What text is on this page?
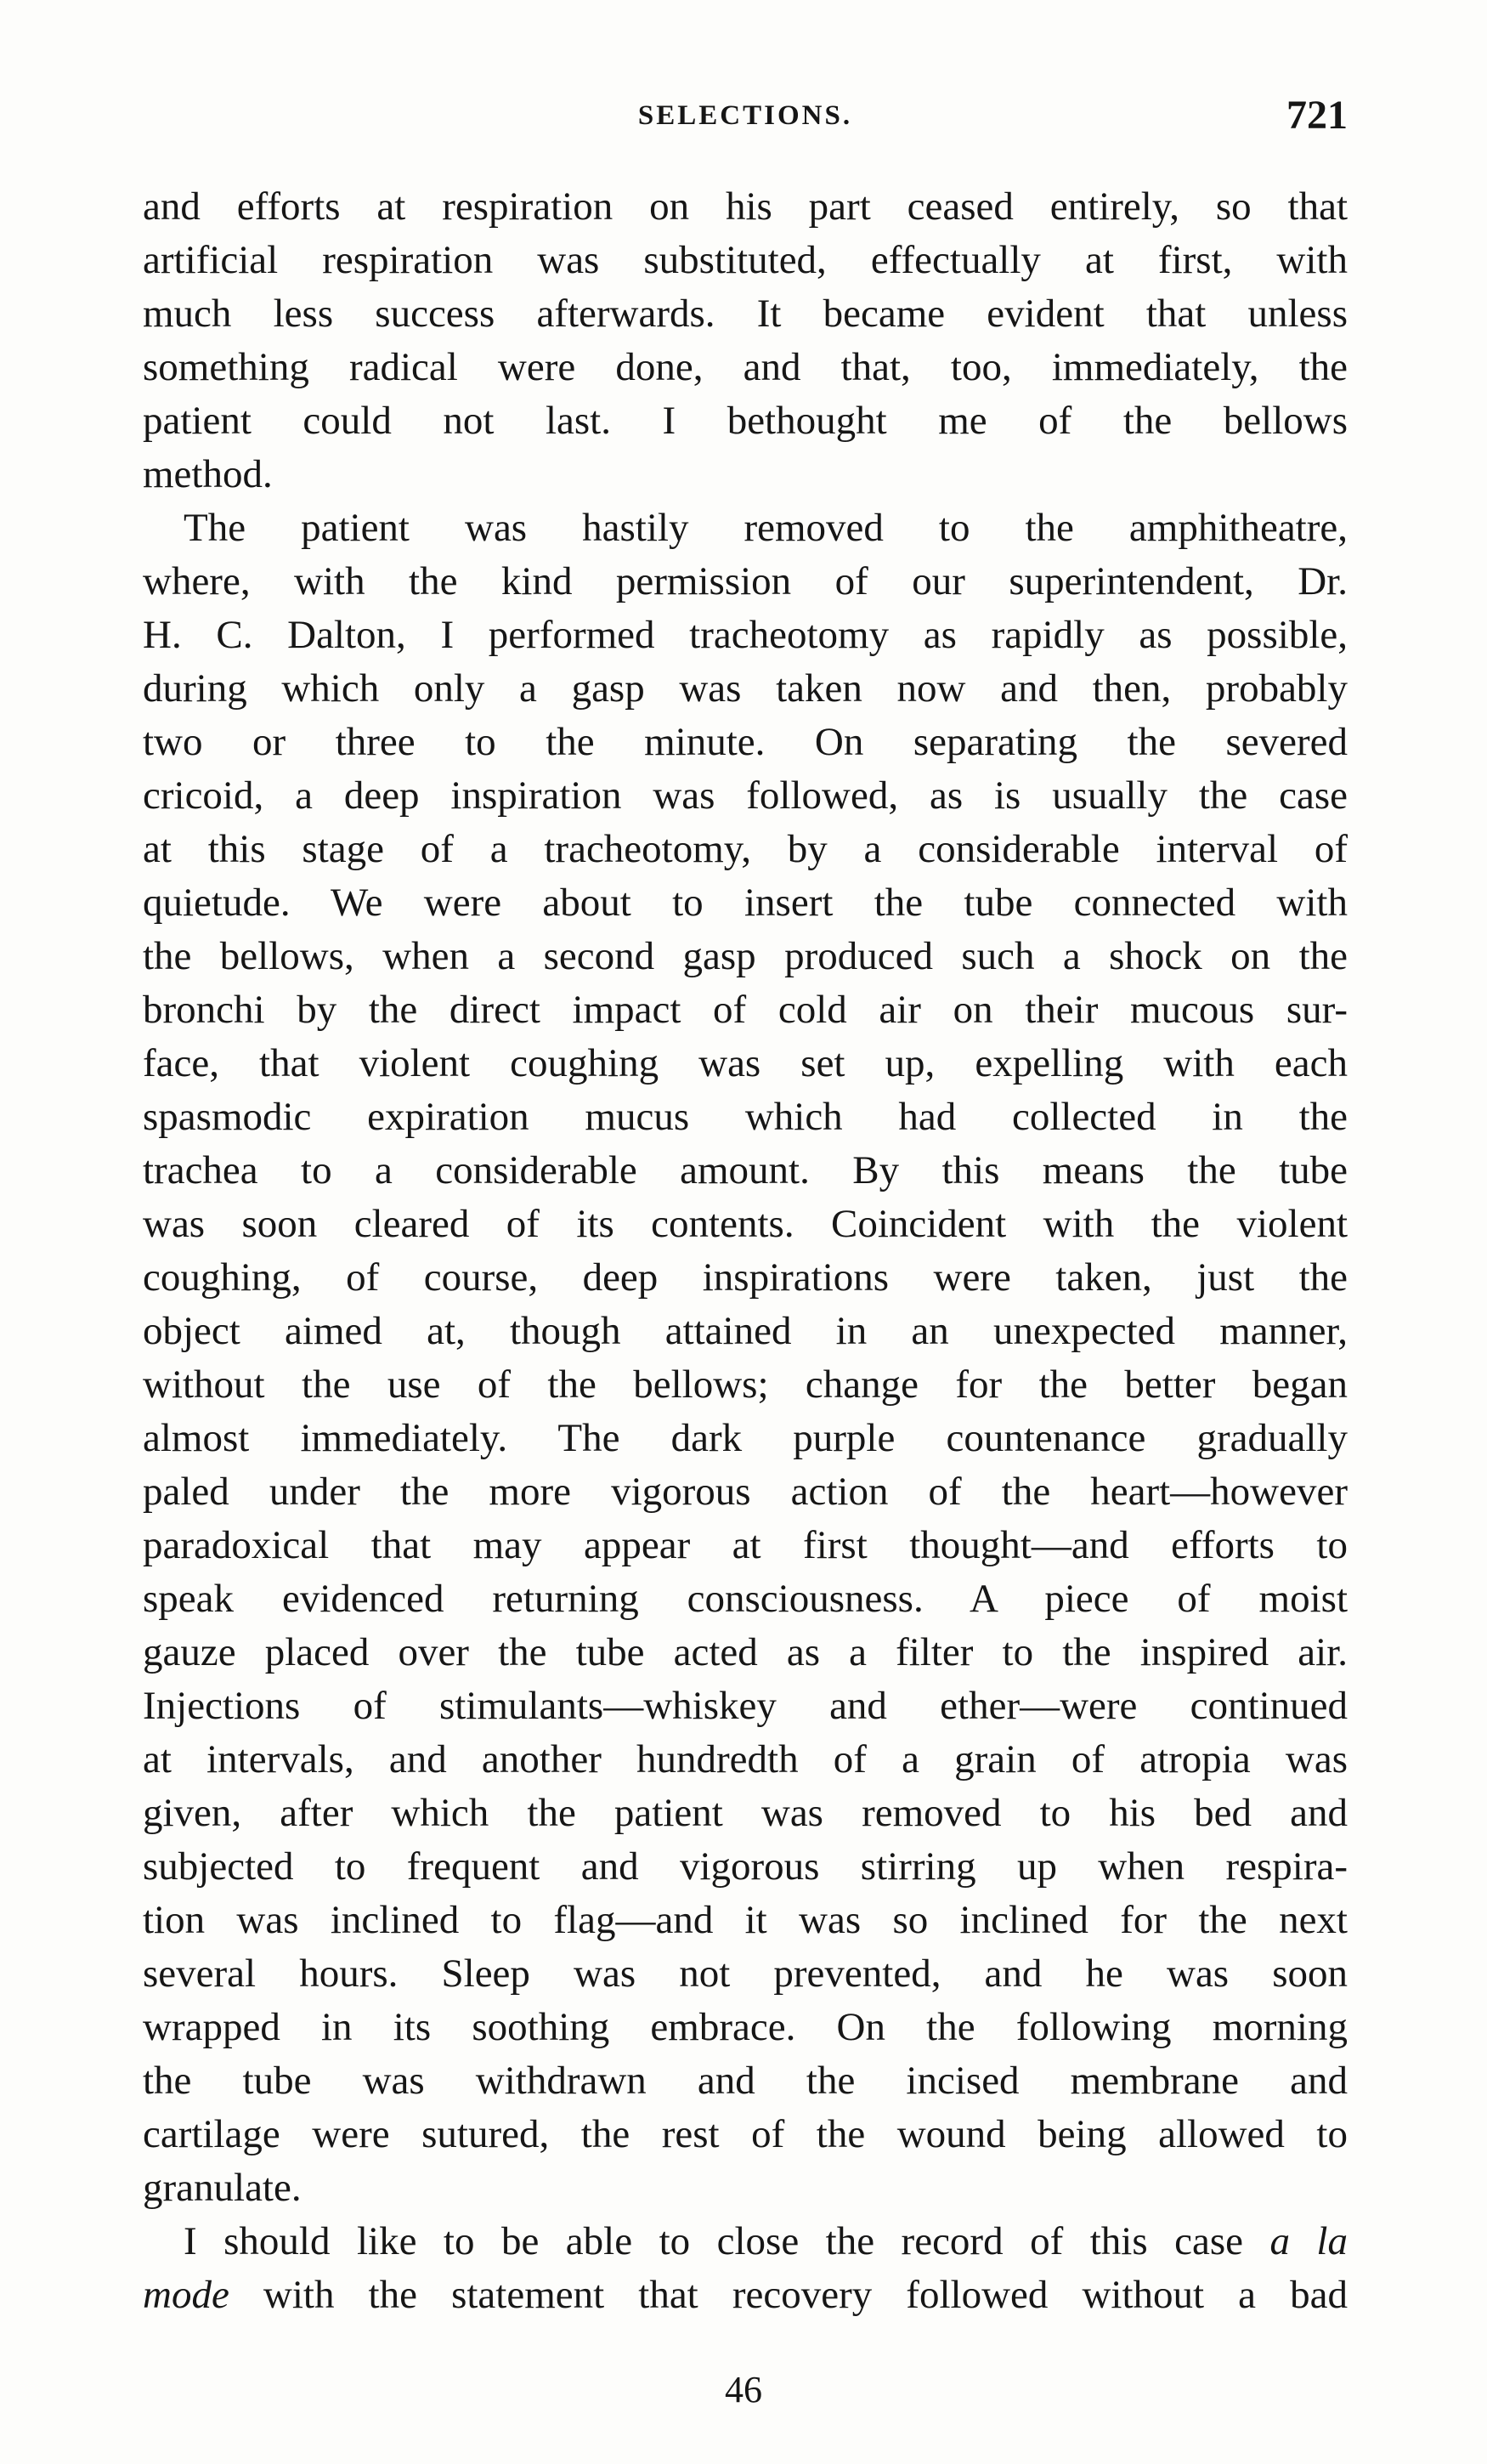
SELECTIONS.	721
and efforts at respiration on his part ceased entirely, so that
artificial respiration was substituted, effectually at first, with
much less success afterwards. It became evident that unless
something radical were done, and that, too, immediately, the
patient could not last. I bethought me of the bellows
method.
The patient was hastily removed to the amphitheatre,
where, with the kind permission of our superintendent, Dr.
H. C. Dalton, I performed tracheotomy as rapidly as possible,
during which only a gasp was taken now and then, probably
two or three to the minute. On separating the severed
cricoid, a deep inspiration was followed, as is usually the case
at this stage of a tracheotomy, by a considerable interval of
quietude. We were about to insert the tube connected with
the bellows, when a second gasp produced such a shock on the
bronchi by the direct impact of cold air on their mucous sur-
face, that violent coughing was set up, expelling with each
spasmodic expiration mucus which had collected in the
trachea to a considerable amount. By this means the tube
was soon cleared of its contents. Coincident with the violent
coughing, of course, deep inspirations were taken, just the
object aimed at, though attained in an unexpected manner,
without the use of the bellows; change for the better began
almost immediately. The dark purple countenance gradually
paled under the more vigorous action of the heart—however
paradoxical that may appear at first thought—and efforts to
speak evidenced returning consciousness. A piece of moist
gauze placed over the tube acted as a filter to the inspired air.
Injections of stimulants—whiskey and ether—were continued
at intervals, and another hundredth of a grain of atropia was
given, after which the patient was removed to his bed and
subjected to frequent and vigorous stirring up when respira-
tion was inclined to flag—and it was so inclined for the next
several hours. Sleep was not prevented, and he was soon
wrapped in its soothing embrace. On the following morning
the tube was withdrawn and the incised membrane and
cartilage were sutured, the rest of the wound being allowed to
granulate.
I should like to be able to close the record of this case a la
mode with the statement that recovery followed without a bad
46
